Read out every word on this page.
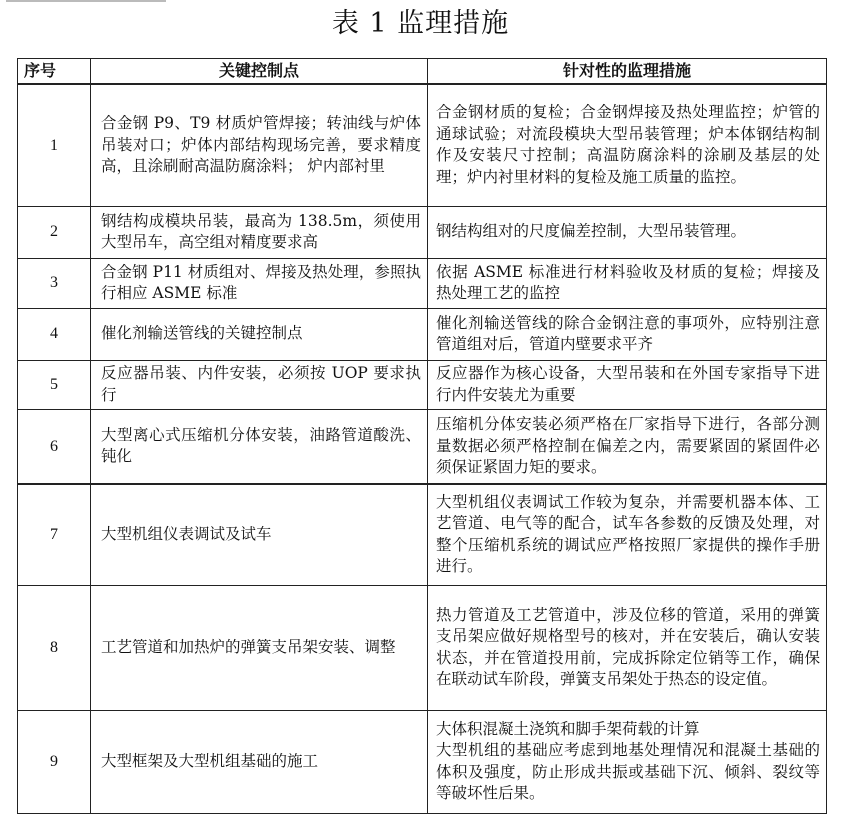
表 1 监理措施
序号	关键控制点	针对性的监理措施
1	合金钢 P9、T9 材质炉管焊接；转油线与炉体吊装对口；炉体内部结构现场完善，要求精度高，且涂刷耐高温防腐涂料； 炉内部衬里	合金钢材质的复检；合金钢焊接及热处理监控；炉管的通球试验；对流段模块大型吊装管理；炉本体钢结构制作及安装尺寸控制；高温防腐涂料的涂刷及基层的处理；炉内衬里材料的复检及施工质量的监控。
2	钢结构成模块吊装，最高为 138.5m，须使用大型吊车，高空组对精度要求高	钢结构组对的尺度偏差控制，大型吊装管理。
3	合金钢 P11 材质组对、焊接及热处理，参照执行相应 ASME 标准	依据 ASME 标准进行材料验收及材质的复检；焊接及热处理工艺的监控
4	催化剂输送管线的关键控制点	催化剂输送管线的除合金钢注意的事项外，应特别注意管道组对后，管道内壁要求平齐
5	反应器吊装、内件安装，必须按 UOP 要求执行	反应器作为核心设备，大型吊装和在外国专家指导下进行内件安装尤为重要
6	大型离心式压缩机分体安装，油路管道酸洗、钝化	压缩机分体安装必须严格在厂家指导下进行，各部分测量数据必须严格控制在偏差之内，需要紧固的紧固件必须保证紧固力矩的要求。
7	大型机组仪表调试及试车	大型机组仪表调试工作较为复杂，并需要机器本体、工艺管道、电气等的配合，试车各参数的反馈及处理，对整个压缩机系统的调试应严格按照厂家提供的操作手册进行。
8	工艺管道和加热炉的弹簧支吊架安装、调整	热力管道及工艺管道中，涉及位移的管道，采用的弹簧支吊架应做好规格型号的核对，并在安装后，确认安装状态，并在管道投用前，完成拆除定位销等工作，确保在联动试车阶段，弹簧支吊架处于热态的设定值。
9	大型框架及大型机组基础的施工	大体积混凝土浇筑和脚手架荷载的计算
大型机组的基础应考虑到地基处理情况和混凝土基础的体积及强度，防止形成共振或基础下沉、倾斜、裂纹等等破坏性后果。
